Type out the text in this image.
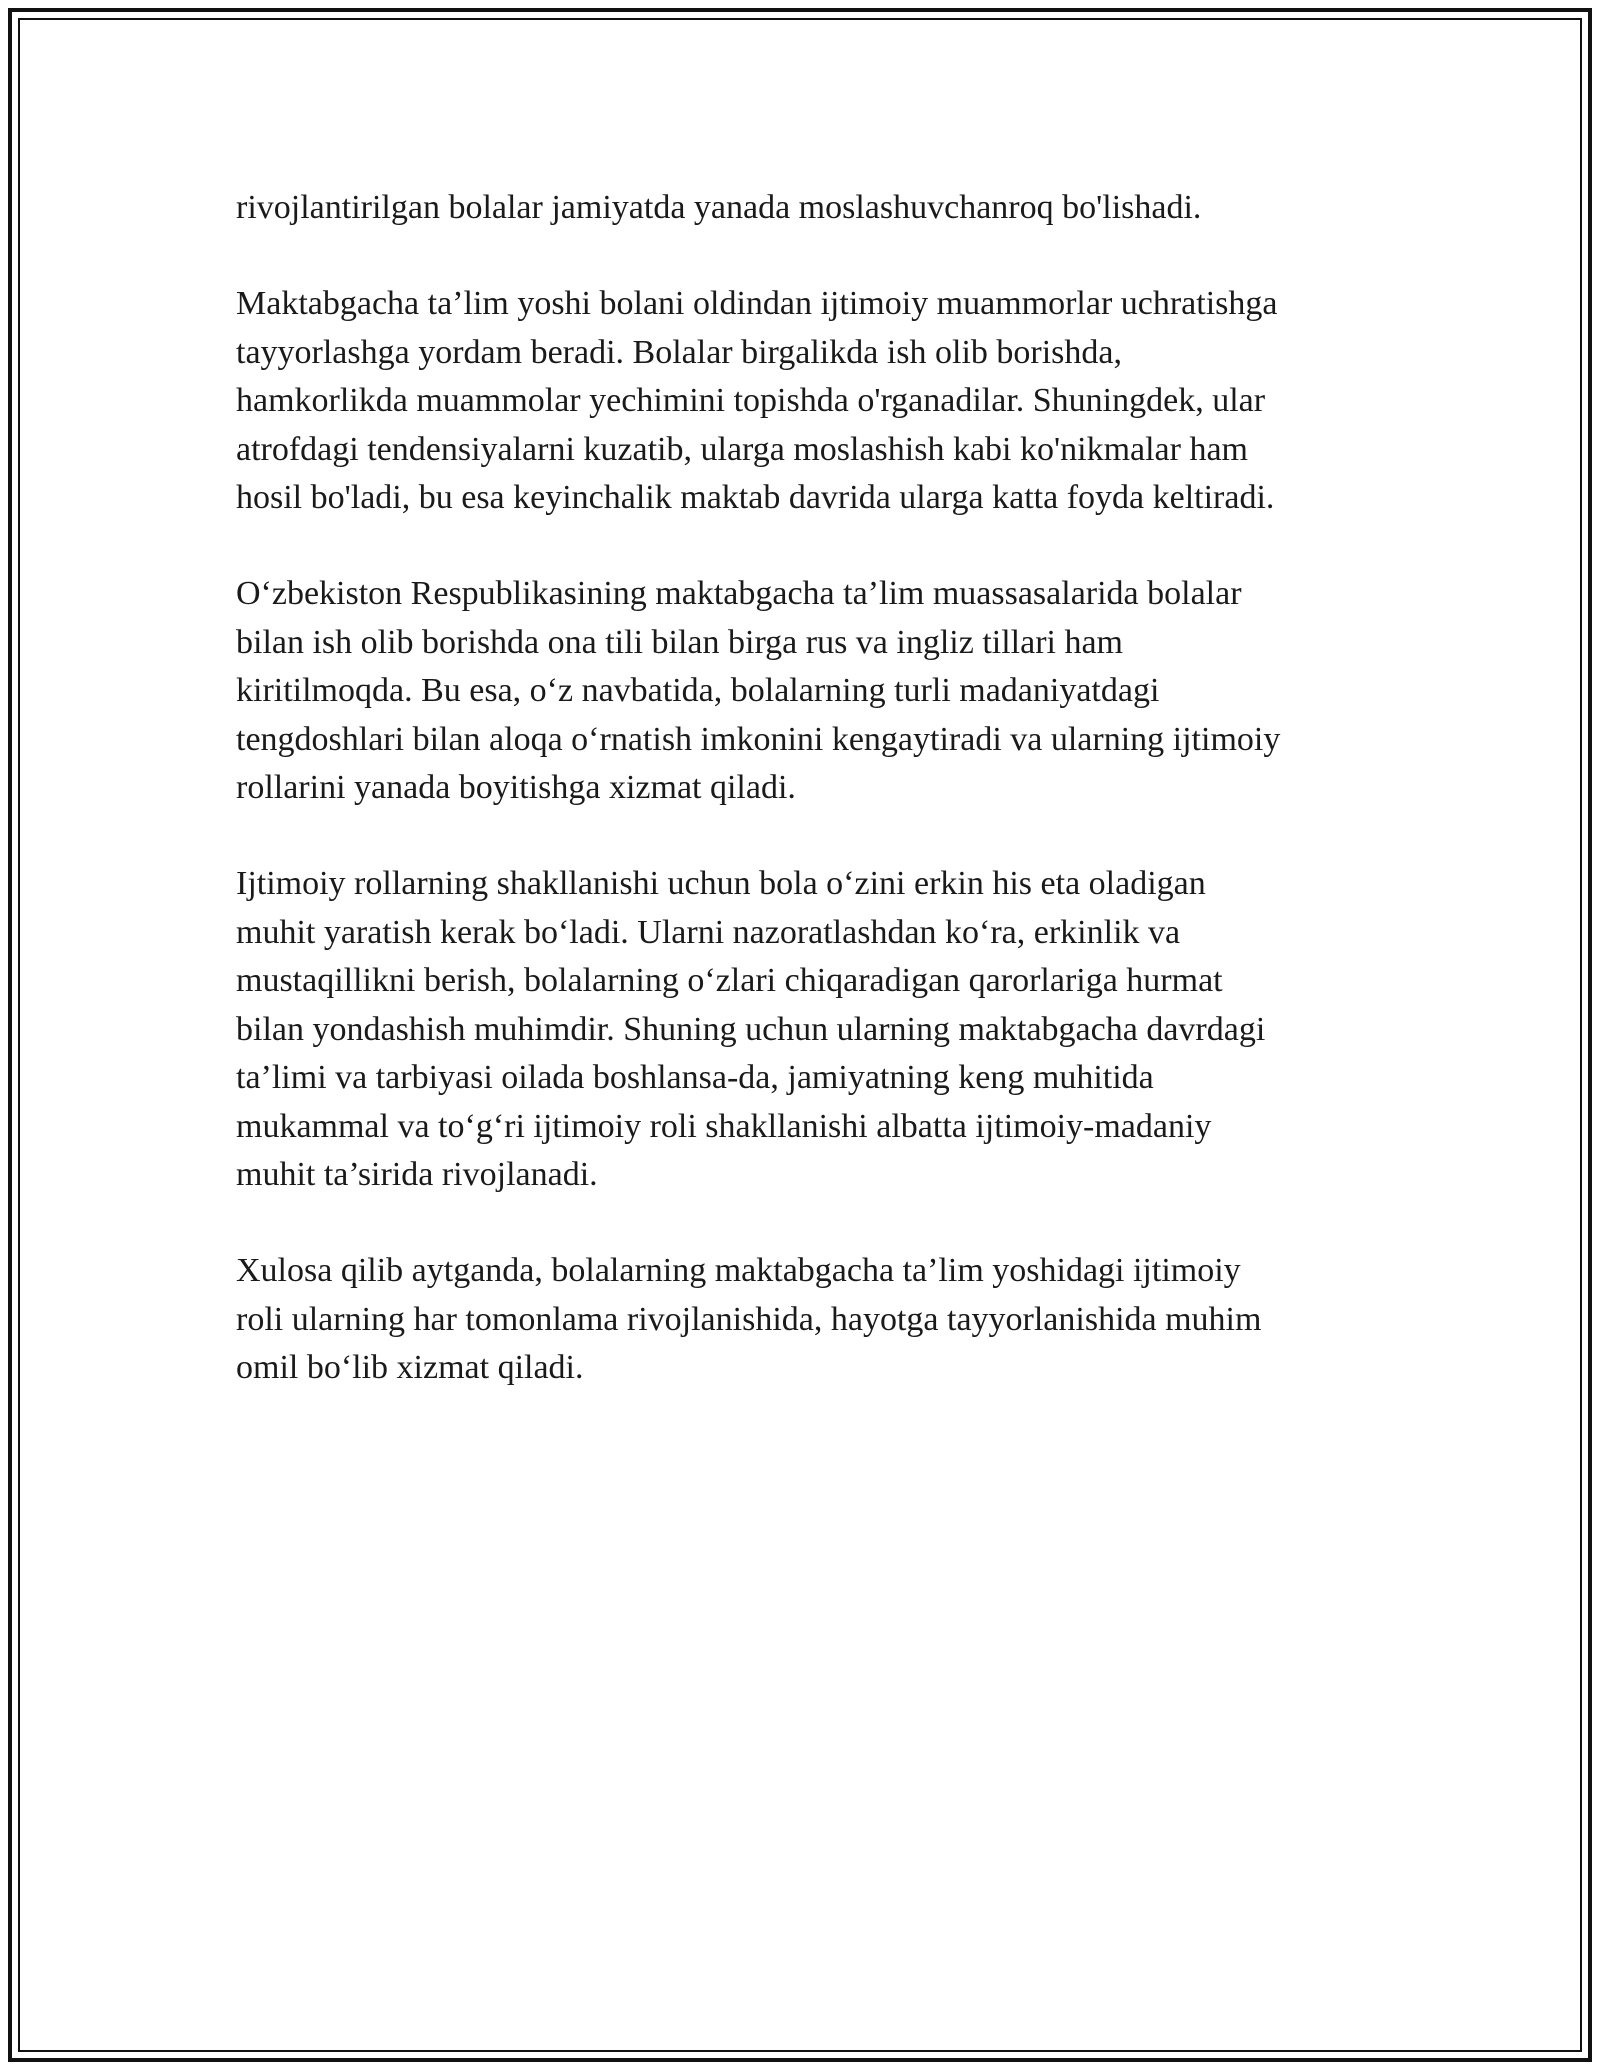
rivojlantirilgan bolalar jamiyatda yanada moslashuvchanroq bo'lishadi.

Maktabgacha ta’lim yoshi bolani oldindan ijtimoiy muammorlar uchratishga
tayyorlashga yordam beradi. Bolalar birgalikda ish olib borishda,
hamkorlikda muammolar yechimini topishda o'rganadilar. Shuningdek, ular
atrofdagi tendensiyalarni kuzatib, ularga moslashish kabi ko'nikmalar ham
hosil bo'ladi, bu esa keyinchalik maktab davrida ularga katta foyda keltiradi.

O‘zbekiston Respublikasining maktabgacha ta’lim muassasalarida bolalar
bilan ish olib borishda ona tili bilan birga rus va ingliz tillari ham
kiritilmoqda. Bu esa, o‘z navbatida, bolalarning turli madaniyatdagi
tengdoshlari bilan aloqa o‘rnatish imkonini kengaytiradi va ularning ijtimoiy
rollarini yanada boyitishga xizmat qiladi.

Ijtimoiy rollarning shakllanishi uchun bola o‘zini erkin his eta oladigan
muhit yaratish kerak bo‘ladi. Ularni nazoratlashdan ko‘ra, erkinlik va
mustaqillikni berish, bolalarning o‘zlari chiqaradigan qarorlariga hurmat
bilan yondashish muhimdir. Shuning uchun ularning maktabgacha davrdagi
ta’limi va tarbiyasi oilada boshlansa-da, jamiyatning keng muhitida
mukammal va to‘g‘ri ijtimoiy roli shakllanishi albatta ijtimoiy-madaniy
muhit ta’sirida rivojlanadi.

Xulosa qilib aytganda, bolalarning maktabgacha ta’lim yoshidagi ijtimoiy
roli ularning har tomonlama rivojlanishida, hayotga tayyorlanishida muhim
omil bo‘lib xizmat qiladi.
